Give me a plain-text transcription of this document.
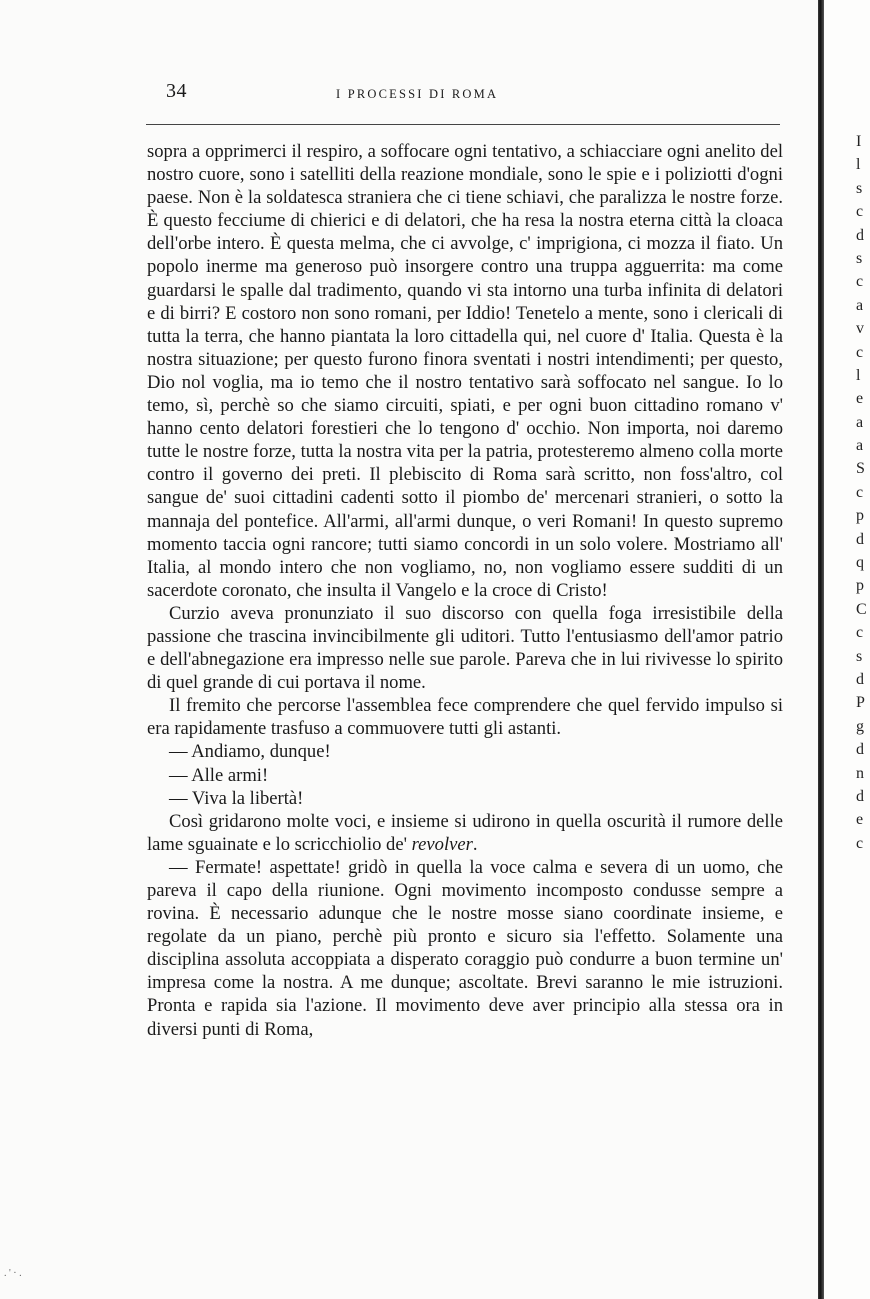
34	I PROCESSI DI ROMA

sopra a opprimerci il respiro, a soffocare ogni tentativo, a schiacciare ogni anelito del nostro cuore, sono i satelliti della reazione mondiale, sono le spie e i poliziotti d'ogni paese. Non è la soldatesca straniera che ci tiene schiavi, che paralizza le nostre forze. È questo fecciume di chierici e di delatori, che ha resa la nostra eterna città la cloaca dell'orbe intero. È questa melma, che ci avvolge, c' imprigiona, ci mozza il fiato. Un popolo inerme ma generoso può insorgere contro una truppa agguerrita: ma come guardarsi le spalle dal tradimento, quando vi sta intorno una turba infinita di delatori e di birri? E costoro non sono romani, per Iddio! Tenetelo a mente, sono i clericali di tutta la terra, che hanno piantata la loro cittadella qui, nel cuore d' Italia. Questa è la nostra situazione; per questo furono finora sventati i nostri intendimenti; per questo, Dio nol voglia, ma io temo che il nostro tentativo sarà soffocato nel sangue. Io lo temo, sì, perchè so che siamo circuiti, spiati, e per ogni buon cittadino romano v' hanno cento delatori forestieri che lo tengono d' occhio. Non importa, noi daremo tutte le nostre forze, tutta la nostra vita per la patria, protesteremo almeno colla morte contro il governo dei preti. Il plebiscito di Roma sarà scritto, non foss'altro, col sangue de' suoi cittadini cadenti sotto il piombo de' mercenari stranieri, o sotto la mannaja del pontefice. All'armi, all'armi dunque, o veri Romani! In questo supremo momento taccia ogni rancore; tutti siamo concordi in un solo volere. Mostriamo all' Italia, al mondo intero che non vogliamo, no, non vogliamo essere sudditi di un sacerdote coronato, che insulta il Vangelo e la croce di Cristo!

Curzio aveva pronunziato il suo discorso con quella foga irresistibile della passione che trascina invincibilmente gli uditori. Tutto l'entusiasmo dell'amor patrio e dell'abnegazione era impresso nelle sue parole. Pareva che in lui rivivesse lo spirito di quel grande di cui portava il nome.

Il fremito che percorse l'assemblea fece comprendere che quel fervido impulso si era rapidamente trasfuso a commuovere tutti gli astanti.

— Andiamo, dunque!

— Alle armi!

— Viva la libertà!

Così gridarono molte voci, e insieme si udirono in quella oscurità il rumore delle lame sguainate e lo scricchiolio de' revolver.

— Fermate! aspettate! gridò in quella la voce calma e severa di un uomo, che pareva il capo della riunione. Ogni movimento incomposto condusse sempre a rovina. È necessario adunque che le nostre mosse siano coordinate insieme, e regolate da un piano, perchè più pronto e sicuro sia l'effetto. Solamente una disciplina assoluta accoppiata a disperato coraggio può condurre a buon termine un' impresa come la nostra. A me dunque; ascoltate. Brevi saranno le mie istruzioni. Pronta e rapida sia l'azione. Il movimento deve aver principio alla stessa ora in diversi punti di Roma,

I
l
s
c
d
s
c
a
v
c
l
e
a
a
S
c
p
d
q
p
C
c
s
d
P
g
d
n
d
e
c
. ' · .
